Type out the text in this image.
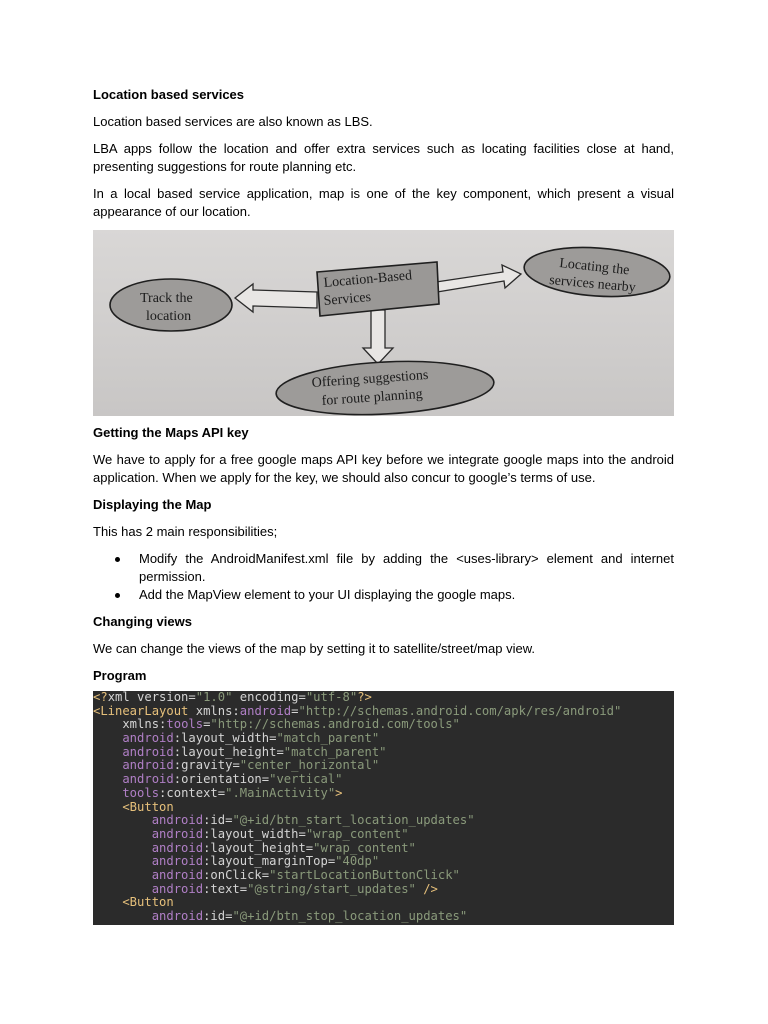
Location based services

Location based services are also known as LBS.

LBA apps follow the location and offer extra services such as locating facilities close at hand, presenting suggestions for route planning etc.

In a local based service application, map is one of the key component, which present a visual appearance of our location.

Location-Based
Services
Track the
location
Locating the
services nearby
Offering suggestions
for route planning

Getting the Maps API key

We have to apply for a free google maps API key before we integrate google maps into the android application. When we apply for the key, we should also concur to google’s terms of use.

Displaying the Map

This has 2 main responsibilities;

Modify the AndroidManifest.xml file by adding the <uses-library> element and internet permission.
Add the MapView element to your UI displaying the google maps.

Changing views

We can change the views of the map by setting it to satellite/street/map view.

Program

<?xml version="1.0" encoding="utf-8"?>
<LinearLayout xmlns:android="http://schemas.android.com/apk/res/android"
xmlns:tools="http://schemas.android.com/tools"
android:layout_width="match_parent"
android:layout_height="match_parent"
android:gravity="center_horizontal"
android:orientation="vertical"
tools:context=".MainActivity">
<Button
android:id="@+id/btn_start_location_updates"
android:layout_width="wrap_content"
android:layout_height="wrap_content"
android:layout_marginTop="40dp"
android:onClick="startLocationButtonClick"
android:text="@string/start_updates" />
<Button
android:id="@+id/btn_stop_location_updates"
